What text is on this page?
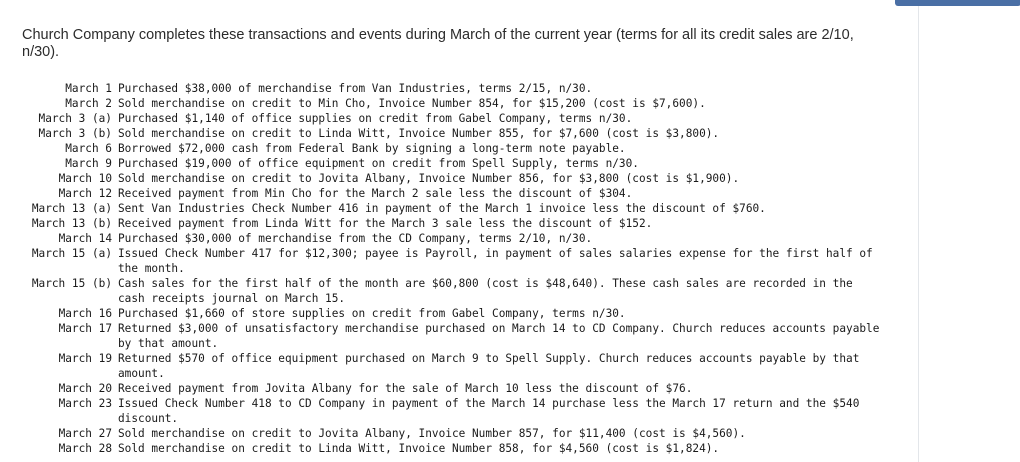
Church Company completes these transactions and events during March of the current year (terms for all its credit sales are 2/10, n/30).

March 1 Purchased $38,000 of merchandise from Van Industries, terms 2/15, n/30.
March 2 Sold merchandise on credit to Min Cho, Invoice Number 854, for $15,200 (cost is $7,600).
March 3 (a) Purchased $1,140 of office supplies on credit from Gabel Company, terms n/30.
March 3 (b) Sold merchandise on credit to Linda Witt, Invoice Number 855, for $7,600 (cost is $3,800).
March 6 Borrowed $72,000 cash from Federal Bank by signing a long-term note payable.
March 9 Purchased $19,000 of office equipment on credit from Spell Supply, terms n/30.
March 10 Sold merchandise on credit to Jovita Albany, Invoice Number 856, for $3,800 (cost is $1,900).
March 12 Received payment from Min Cho for the March 2 sale less the discount of $304.
March 13 (a) Sent Van Industries Check Number 416 in payment of the March 1 invoice less the discount of $760.
March 13 (b) Received payment from Linda Witt for the March 3 sale less the discount of $152.
March 14 Purchased $30,000 of merchandise from the CD Company, terms 2/10, n/30.
March 15 (a) Issued Check Number 417 for $12,300; payee is Payroll, in payment of sales salaries expense for the first half of the month.
March 15 (b) Cash sales for the first half of the month are $60,800 (cost is $48,640). These cash sales are recorded in the cash receipts journal on March 15.
March 16 Purchased $1,660 of store supplies on credit from Gabel Company, terms n/30.
March 17 Returned $3,000 of unsatisfactory merchandise purchased on March 14 to CD Company. Church reduces accounts payable by that amount.
March 19 Returned $570 of office equipment purchased on March 9 to Spell Supply. Church reduces accounts payable by that amount.
March 20 Received payment from Jovita Albany for the sale of March 10 less the discount of $76.
March 23 Issued Check Number 418 to CD Company in payment of the March 14 purchase less the March 17 return and the $540 discount.
March 27 Sold merchandise on credit to Jovita Albany, Invoice Number 857, for $11,400 (cost is $4,560).
March 28 Sold merchandise on credit to Linda Witt, Invoice Number 858, for $4,560 (cost is $1,824).
